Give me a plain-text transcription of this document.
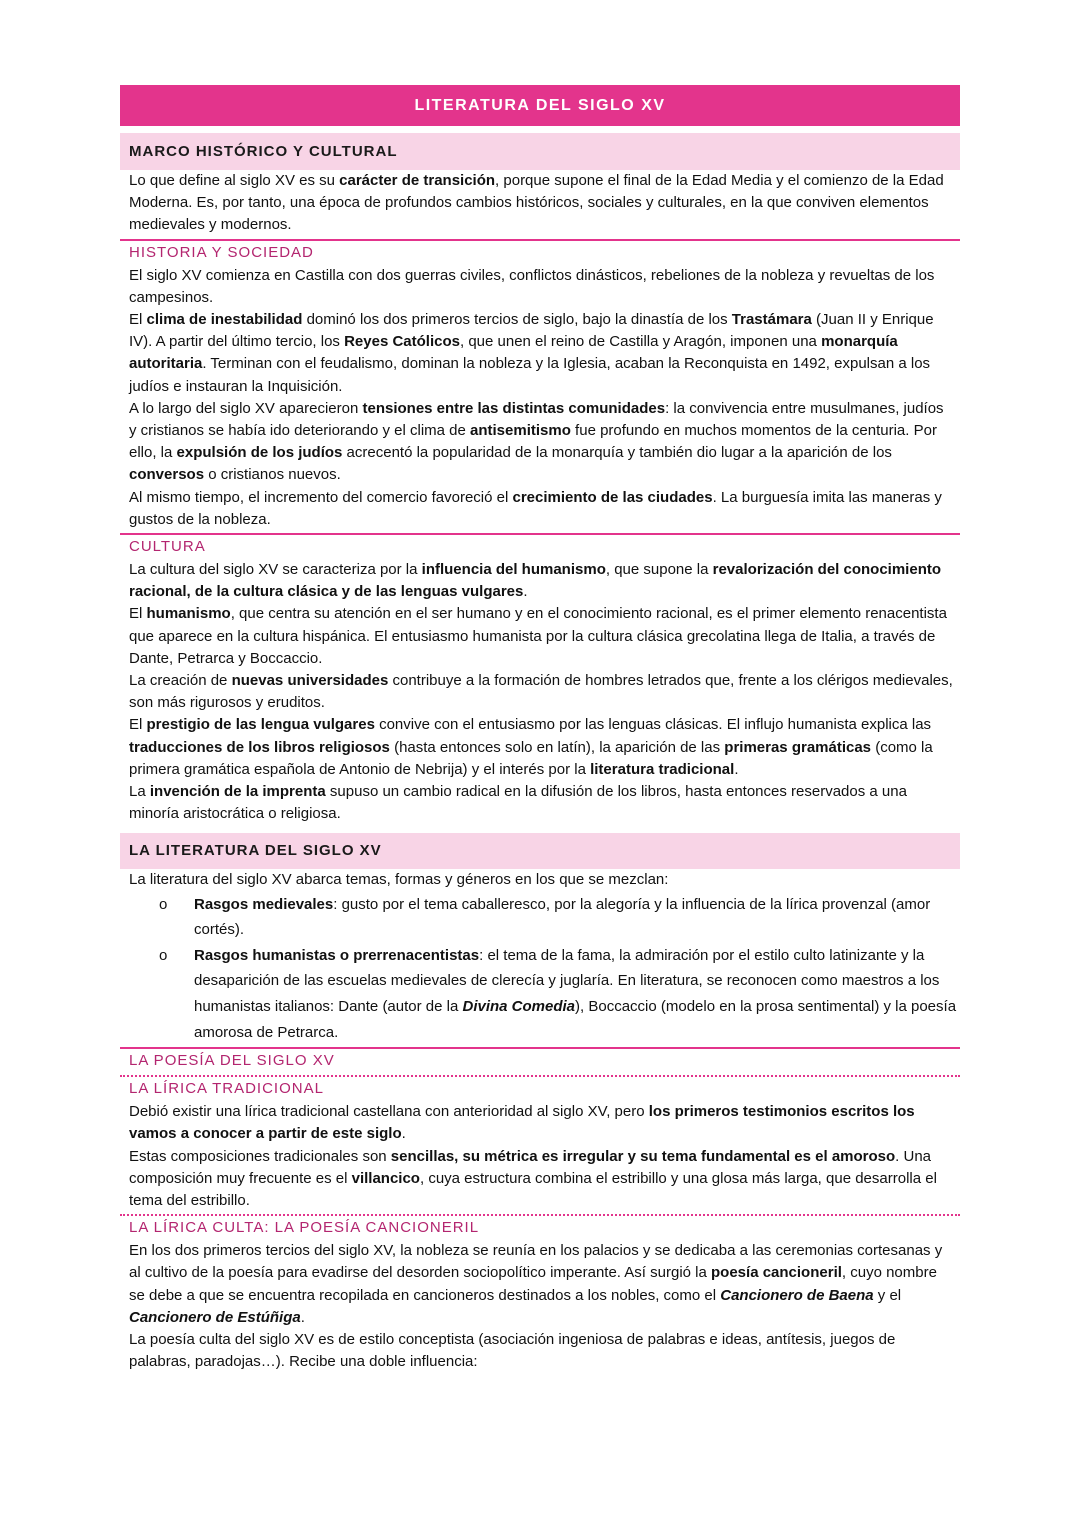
LITERATURA DEL SIGLO XV
MARCO HISTÓRICO Y CULTURAL
Lo que define al siglo XV es su carácter de transición, porque supone el final de la Edad Media y el comienzo de la Edad Moderna. Es, por tanto, una época de profundos cambios históricos, sociales y culturales, en la que conviven elementos medievales y modernos.
HISTORIA Y SOCIEDAD
El siglo XV comienza en Castilla con dos guerras civiles, conflictos dinásticos, rebeliones de la nobleza y revueltas de los campesinos.
El clima de inestabilidad dominó los dos primeros tercios de siglo, bajo la dinastía de los Trastámara (Juan II y Enrique IV). A partir del último tercio, los Reyes Católicos, que unen el reino de Castilla y Aragón, imponen una monarquía autoritaria. Terminan con el feudalismo, dominan la nobleza y la Iglesia, acaban la Reconquista en 1492, expulsan a los judíos e instauran la Inquisición.
A lo largo del siglo XV aparecieron tensiones entre las distintas comunidades: la convivencia entre musulmanes, judíos y cristianos se había ido deteriorando y el clima de antisemitismo fue profundo en muchos momentos de la centuria. Por ello, la expulsión de los judíos acrecentó la popularidad de la monarquía y también dio lugar a la aparición de los conversos o cristianos nuevos.
Al mismo tiempo, el incremento del comercio favoreció el crecimiento de las ciudades. La burguesía imita las maneras y gustos de la nobleza.
CULTURA
La cultura del siglo XV se caracteriza por la influencia del humanismo, que supone la revalorización del conocimiento racional, de la cultura clásica y de las lenguas vulgares.
El humanismo, que centra su atención en el ser humano y en el conocimiento racional, es el primer elemento renacentista que aparece en la cultura hispánica. El entusiasmo humanista por la cultura clásica grecolatina llega de Italia, a través de Dante, Petrarca y Boccaccio.
La creación de nuevas universidades contribuye a la formación de hombres letrados que, frente a los clérigos medievales, son más rigurosos y eruditos.
El prestigio de las lengua vulgares convive con el entusiasmo por las lenguas clásicas. El influjo humanista explica las traducciones de los libros religiosos (hasta entonces solo en latín), la aparición de las primeras gramáticas (como la primera gramática española de Antonio de Nebrija) y el interés por la literatura tradicional.
La invención de la imprenta supuso un cambio radical en la difusión de los libros, hasta entonces reservados a una minoría aristocrática o religiosa.
LA LITERATURA DEL SIGLO XV
La literatura del siglo XV abarca temas, formas y géneros en los que se mezclan:
o Rasgos medievales: gusto por el tema caballeresco, por la alegoría y la influencia de la lírica provenzal (amor cortés).
o Rasgos humanistas o prerrenacentistas: el tema de la fama, la admiración por el estilo culto latinizante y la desaparición de las escuelas medievales de clerecía y juglaría. En literatura, se reconocen como maestros a los humanistas italianos: Dante (autor de la Divina Comedia), Boccaccio (modelo en la prosa sentimental) y la poesía amorosa de Petrarca.
LA POESÍA DEL SIGLO XV
LA LÍRICA TRADICIONAL
Debió existir una lírica tradicional castellana con anterioridad al siglo XV, pero los primeros testimonios escritos los vamos a conocer a partir de este siglo.
Estas composiciones tradicionales son sencillas, su métrica es irregular y su tema fundamental es el amoroso. Una composición muy frecuente es el villancico, cuya estructura combina el estribillo y una glosa más larga, que desarrolla el tema del estribillo.
LA LÍRICA CULTA: LA POESÍA CANCIONERIL
En los dos primeros tercios del siglo XV, la nobleza se reunía en los palacios y se dedicaba a las ceremonias cortesanas y al cultivo de la poesía para evadirse del desorden sociopolítico imperante. Así surgió la poesía cancioneril, cuyo nombre se debe a que se encuentra recopilada en cancioneros destinados a los nobles, como el Cancionero de Baena y el Cancionero de Estúñiga.
La poesía culta del siglo XV es de estilo conceptista (asociación ingeniosa de palabras e ideas, antítesis, juegos de palabras, paradojas…). Recibe una doble influencia:
